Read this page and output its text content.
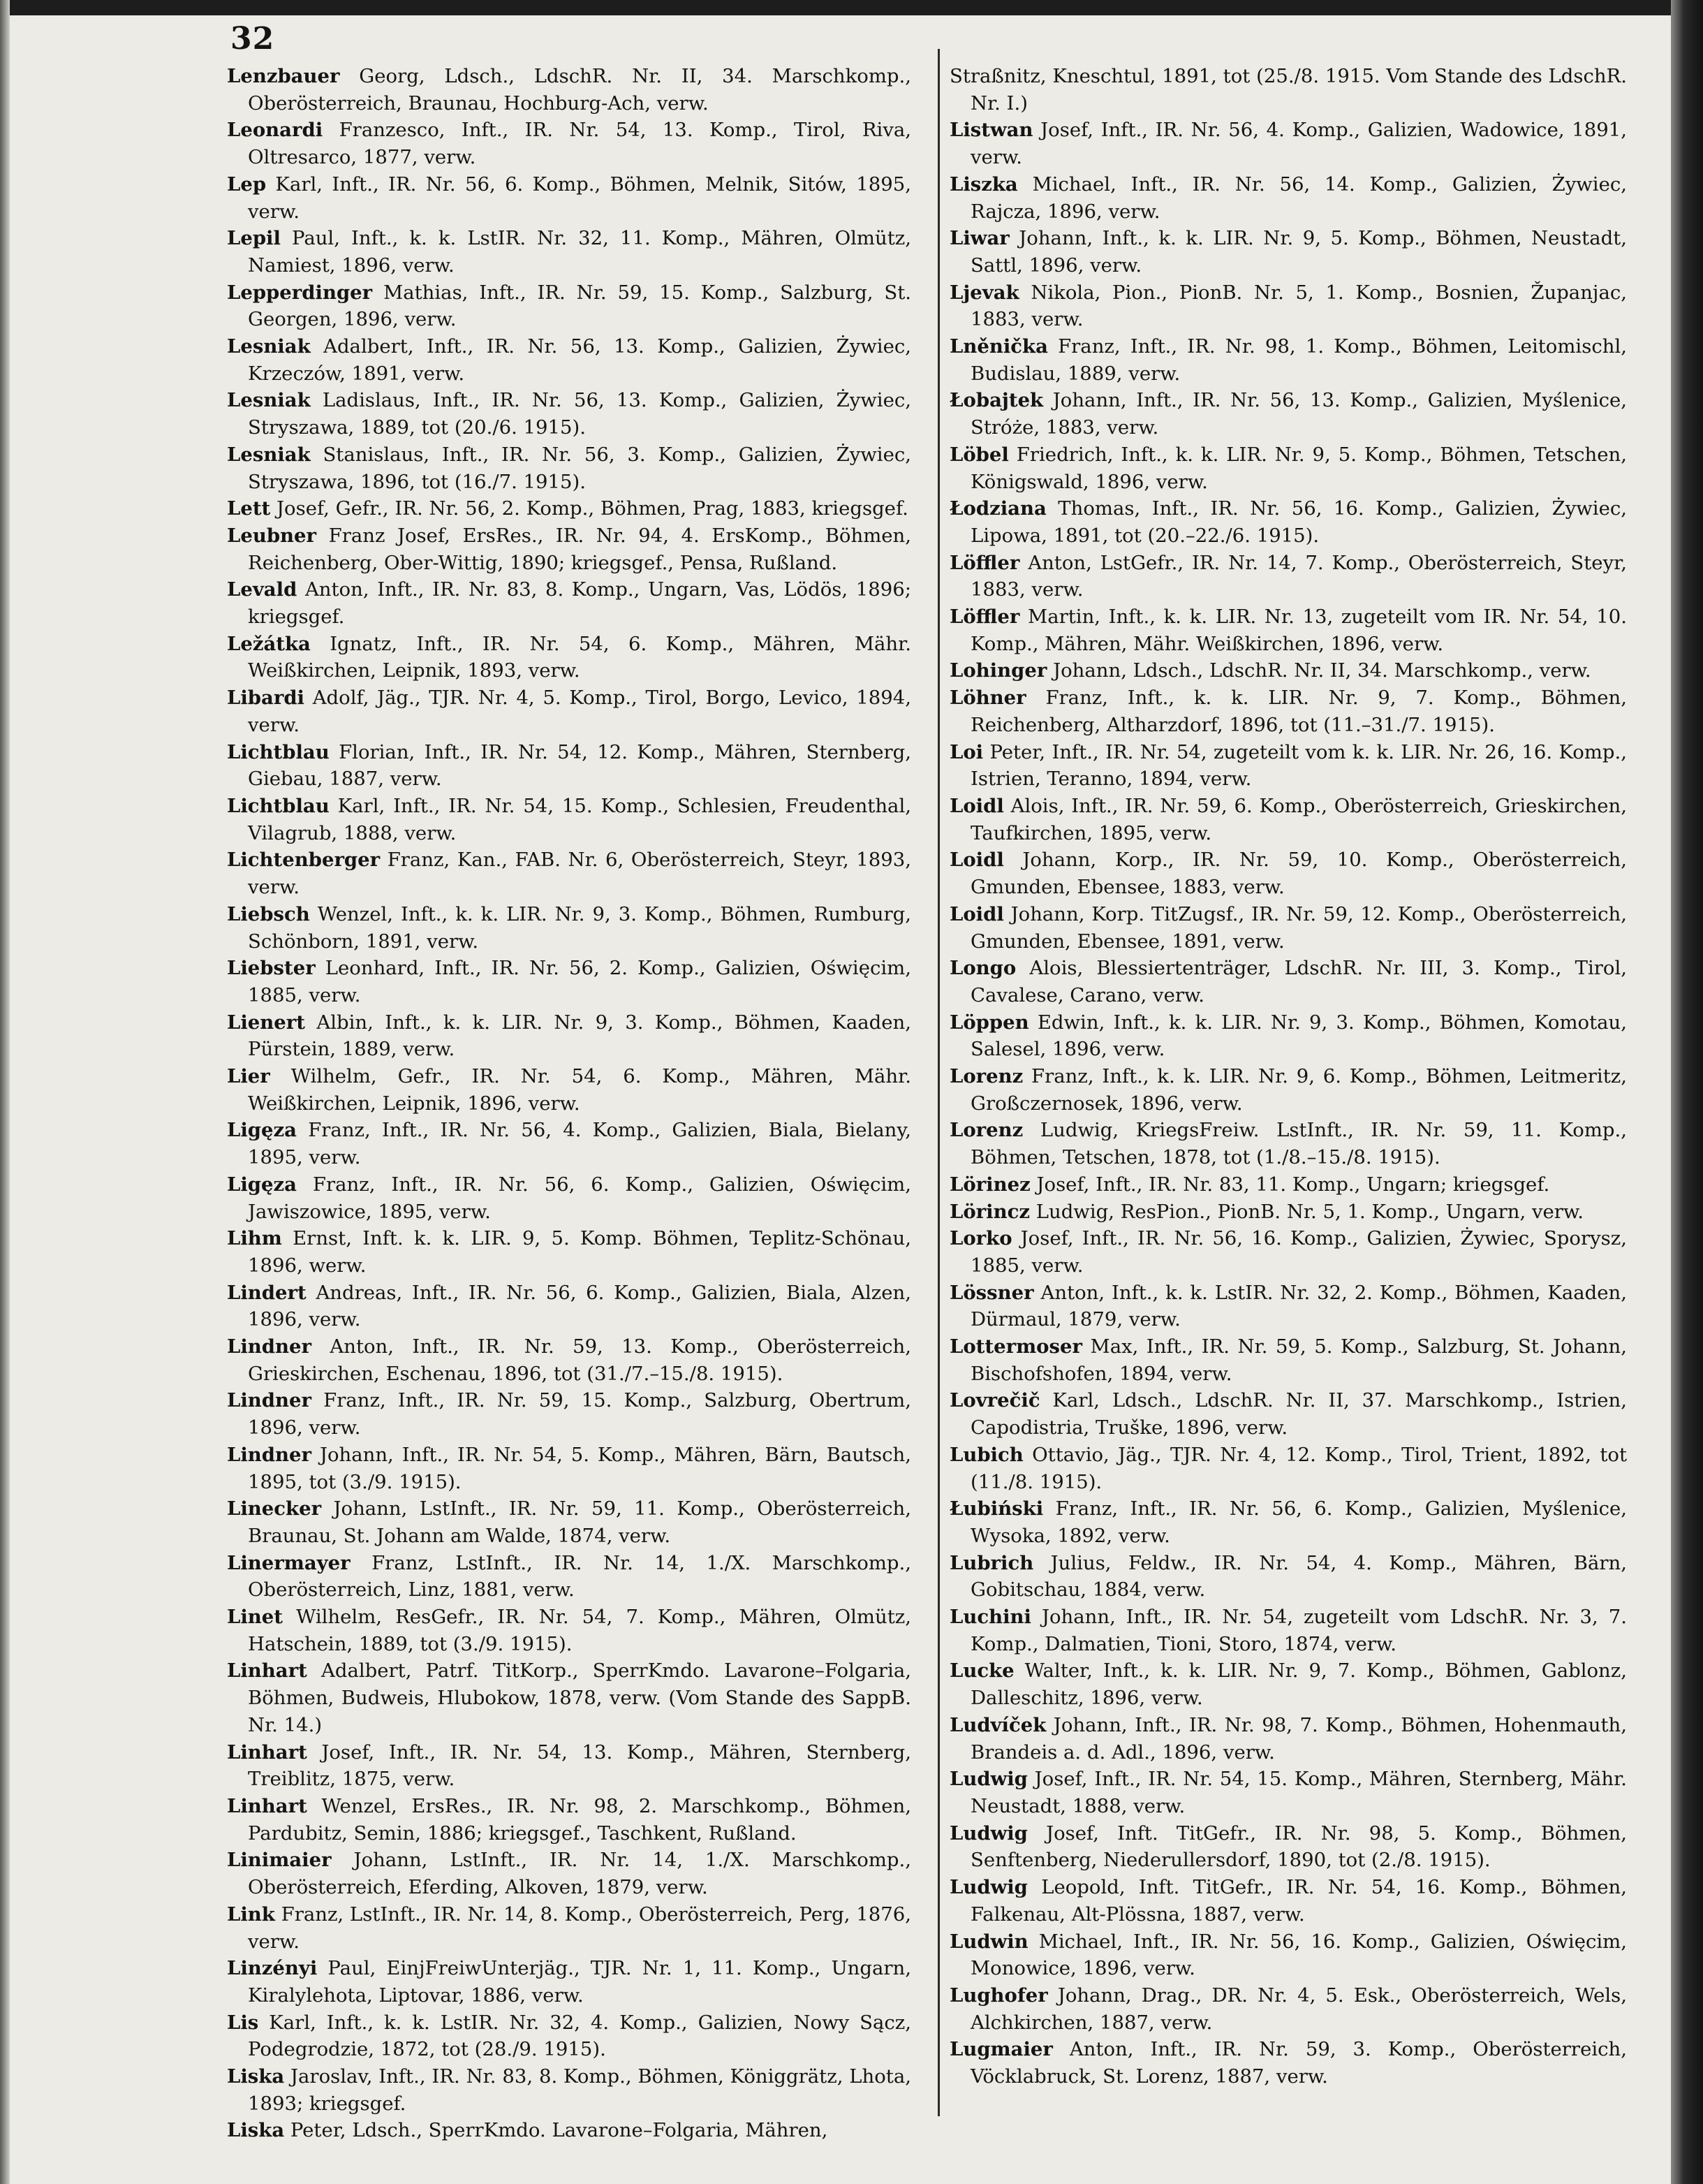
32
Lenzbauer Georg, Ldsch., LdschR. Nr. II, 34. Marschkomp., Oberösterreich, Braunau, Hochburg-Ach, verw.
Leonardi Franzesco, Inft., IR. Nr. 54, 13. Komp., Tirol, Riva, Oltresarco, 1877, verw.
Lep Karl, Inft., IR. Nr. 56, 6. Komp., Böhmen, Melnik, Sitów, 1895, verw.
Lepil Paul, Inft., k. k. LstIR. Nr. 32, 11. Komp., Mähren, Olmütz, Namiest, 1896, verw.
Lepperdinger Mathias, Inft., IR. Nr. 59, 15. Komp., Salzburg, St. Georgen, 1896, verw.
Lesniak Adalbert, Inft., IR. Nr. 56, 13. Komp., Galizien, Żywiec, Krzeczów, 1891, verw.
Lesniak Ladislaus, Inft., IR. Nr. 56, 13. Komp., Galizien, Żywiec, Stryszawa, 1889, tot (20./6. 1915).
Lesniak Stanislaus, Inft., IR. Nr. 56, 3. Komp., Galizien, Żywiec, Stryszawa, 1896, tot (16./7. 1915).
Lett Josef, Gefr., IR. Nr. 56, 2. Komp., Böhmen, Prag, 1883, kriegsgef.
Leubner Franz Josef, ErsRes., IR. Nr. 94, 4. ErsKomp., Böhmen, Reichenberg, Ober-Wittig, 1890; kriegsgef., Pensa, Rußland.
Levald Anton, Inft., IR. Nr. 83, 8. Komp., Ungarn, Vas, Lödös, 1896; kriegsgef.
Ležátka Ignatz, Inft., IR. Nr. 54, 6. Komp., Mähren, Mähr. Weißkirchen, Leipnik, 1893, verw.
Libardi Adolf, Jäg., TJR. Nr. 4, 5. Komp., Tirol, Borgo, Levico, 1894, verw.
Lichtblau Florian, Inft., IR. Nr. 54, 12. Komp., Mähren, Sternberg, Giebau, 1887, verw.
Lichtblau Karl, Inft., IR. Nr. 54, 15. Komp., Schlesien, Freudenthal, Vilagrub, 1888, verw.
Lichtenberger Franz, Kan., FAB. Nr. 6, Oberösterreich, Steyr, 1893, verw.
Liebsch Wenzel, Inft., k. k. LIR. Nr. 9, 3. Komp., Böhmen, Rumburg, Schönborn, 1891, verw.
Liebster Leonhard, Inft., IR. Nr. 56, 2. Komp., Galizien, Oświęcim, 1885, verw.
Lienert Albin, Inft., k. k. LIR. Nr. 9, 3. Komp., Böhmen, Kaaden, Pürstein, 1889, verw.
Lier Wilhelm, Gefr., IR. Nr. 54, 6. Komp., Mähren, Mähr. Weißkirchen, Leipnik, 1896, verw.
Ligęza Franz, Inft., IR. Nr. 56, 4. Komp., Galizien, Biala, Bielany, 1895, verw.
Ligęza Franz, Inft., IR. Nr. 56, 6. Komp., Galizien, Oświęcim, Jawiszowice, 1895, verw.
Lihm Ernst, Inft. k. k. LIR. 9, 5. Komp. Böhmen, Teplitz-Schönau, 1896, werw.
Lindert Andreas, Inft., IR. Nr. 56, 6. Komp., Galizien, Biala, Alzen, 1896, verw.
Lindner Anton, Inft., IR. Nr. 59, 13. Komp., Oberösterreich, Grieskirchen, Eschenau, 1896, tot (31./7.–15./8. 1915).
Lindner Franz, Inft., IR. Nr. 59, 15. Komp., Salzburg, Obertrum, 1896, verw.
Lindner Johann, Inft., IR. Nr. 54, 5. Komp., Mähren, Bärn, Bautsch, 1895, tot (3./9. 1915).
Linecker Johann, LstInft., IR. Nr. 59, 11. Komp., Oberösterreich, Braunau, St. Johann am Walde, 1874, verw.
Linermayer Franz, LstInft., IR. Nr. 14, 1./X. Marschkomp., Oberösterreich, Linz, 1881, verw.
Linet Wilhelm, ResGefr., IR. Nr. 54, 7. Komp., Mähren, Olmütz, Hatschein, 1889, tot (3./9. 1915).
Linhart Adalbert, Patrf. TitKorp., SperrKmdo. Lavarone–Folgaria, Böhmen, Budweis, Hlubokow, 1878, verw. (Vom Stande des SappB. Nr. 14.)
Linhart Josef, Inft., IR. Nr. 54, 13. Komp., Mähren, Sternberg, Treiblitz, 1875, verw.
Linhart Wenzel, ErsRes., IR. Nr. 98, 2. Marschkomp., Böhmen, Pardubitz, Semin, 1886; kriegsgef., Taschkent, Rußland.
Linimaier Johann, LstInft., IR. Nr. 14, 1./X. Marschkomp., Oberösterreich, Eferding, Alkoven, 1879, verw.
Link Franz, LstInft., IR. Nr. 14, 8. Komp., Oberösterreich, Perg, 1876, verw.
Linzényi Paul, EinjFreiwUnterjäg., TJR. Nr. 1, 11. Komp., Ungarn, Kiralylehota, Liptovar, 1886, verw.
Lis Karl, Inft., k. k. LstIR. Nr. 32, 4. Komp., Galizien, Nowy Sącz, Podegrodzie, 1872, tot (28./9. 1915).
Liska Jaroslav, Inft., IR. Nr. 83, 8. Komp., Böhmen, Königgrätz, Lhota, 1893; kriegsgef.
Liska Peter, Ldsch., SperrKmdo. Lavarone–Folgaria, Mähren,
Straßnitz, Kneschtul, 1891, tot (25./8. 1915. Vom Stande des LdschR. Nr. I.)
Listwan Josef, Inft., IR. Nr. 56, 4. Komp., Galizien, Wadowice, 1891, verw.
Liszka Michael, Inft., IR. Nr. 56, 14. Komp., Galizien, Żywiec, Rajcza, 1896, verw.
Liwar Johann, Inft., k. k. LIR. Nr. 9, 5. Komp., Böhmen, Neustadt, Sattl, 1896, verw.
Ljevak Nikola, Pion., PionB. Nr. 5, 1. Komp., Bosnien, Županjac, 1883, verw.
Lněnička Franz, Inft., IR. Nr. 98, 1. Komp., Böhmen, Leitomischl, Budislau, 1889, verw.
Łobajtek Johann, Inft., IR. Nr. 56, 13. Komp., Galizien, Myślenice, Stróże, 1883, verw.
Löbel Friedrich, Inft., k. k. LIR. Nr. 9, 5. Komp., Böhmen, Tetschen, Königswald, 1896, verw.
Łodziana Thomas, Inft., IR. Nr. 56, 16. Komp., Galizien, Żywiec, Lipowa, 1891, tot (20.–22./6. 1915).
Löffler Anton, LstGefr., IR. Nr. 14, 7. Komp., Oberösterreich, Steyr, 1883, verw.
Löffler Martin, Inft., k. k. LIR. Nr. 13, zugeteilt vom IR. Nr. 54, 10. Komp., Mähren, Mähr. Weißkirchen, 1896, verw.
Lohinger Johann, Ldsch., LdschR. Nr. II, 34. Marschkomp., verw.
Löhner Franz, Inft., k. k. LIR. Nr. 9, 7. Komp., Böhmen, Reichenberg, Altharzdorf, 1896, tot (11.–31./7. 1915).
Loi Peter, Inft., IR. Nr. 54, zugeteilt vom k. k. LIR. Nr. 26, 16. Komp., Istrien, Teranno, 1894, verw.
Loidl Alois, Inft., IR. Nr. 59, 6. Komp., Oberösterreich, Grieskirchen, Taufkirchen, 1895, verw.
Loidl Johann, Korp., IR. Nr. 59, 10. Komp., Oberösterreich, Gmunden, Ebensee, 1883, verw.
Loidl Johann, Korp. TitZugsf., IR. Nr. 59, 12. Komp., Oberösterreich, Gmunden, Ebensee, 1891, verw.
Longo Alois, Blessiertenträger, LdschR. Nr. III, 3. Komp., Tirol, Cavalese, Carano, verw.
Löppen Edwin, Inft., k. k. LIR. Nr. 9, 3. Komp., Böhmen, Komotau, Salesel, 1896, verw.
Lorenz Franz, Inft., k. k. LIR. Nr. 9, 6. Komp., Böhmen, Leitmeritz, Großczernosek, 1896, verw.
Lorenz Ludwig, KriegsFreiw. LstInft., IR. Nr. 59, 11. Komp., Böhmen, Tetschen, 1878, tot (1./8.–15./8. 1915).
Lörinez Josef, Inft., IR. Nr. 83, 11. Komp., Ungarn; kriegsgef.
Lörincz Ludwig, ResPion., PionB. Nr. 5, 1. Komp., Ungarn, verw.
Lorko Josef, Inft., IR. Nr. 56, 16. Komp., Galizien, Żywiec, Sporysz, 1885, verw.
Lössner Anton, Inft., k. k. LstIR. Nr. 32, 2. Komp., Böhmen, Kaaden, Dürmaul, 1879, verw.
Lottermoser Max, Inft., IR. Nr. 59, 5. Komp., Salzburg, St. Johann, Bischofshofen, 1894, verw.
Lovrečič Karl, Ldsch., LdschR. Nr. II, 37. Marschkomp., Istrien, Capodistria, Truške, 1896, verw.
Lubich Ottavio, Jäg., TJR. Nr. 4, 12. Komp., Tirol, Trient, 1892, tot (11./8. 1915).
Łubiński Franz, Inft., IR. Nr. 56, 6. Komp., Galizien, Myślenice, Wysoka, 1892, verw.
Lubrich Julius, Feldw., IR. Nr. 54, 4. Komp., Mähren, Bärn, Gobitschau, 1884, verw.
Luchini Johann, Inft., IR. Nr. 54, zugeteilt vom LdschR. Nr. 3, 7. Komp., Dalmatien, Tioni, Storo, 1874, verw.
Lucke Walter, Inft., k. k. LIR. Nr. 9, 7. Komp., Böhmen, Gablonz, Dalleschitz, 1896, verw.
Ludvíček Johann, Inft., IR. Nr. 98, 7. Komp., Böhmen, Hohenmauth, Brandeis a. d. Adl., 1896, verw.
Ludwig Josef, Inft., IR. Nr. 54, 15. Komp., Mähren, Sternberg, Mähr. Neustadt, 1888, verw.
Ludwig Josef, Inft. TitGefr., IR. Nr. 98, 5. Komp., Böhmen, Senftenberg, Niederullersdorf, 1890, tot (2./8. 1915).
Ludwig Leopold, Inft. TitGefr., IR. Nr. 54, 16. Komp., Böhmen, Falkenau, Alt-Plössna, 1887, verw.
Ludwin Michael, Inft., IR. Nr. 56, 16. Komp., Galizien, Oświęcim, Monowice, 1896, verw.
Lughofer Johann, Drag., DR. Nr. 4, 5. Esk., Oberösterreich, Wels, Alchkirchen, 1887, verw.
Lugmaier Anton, Inft., IR. Nr. 59, 3. Komp., Oberösterreich, Vöcklabruck, St. Lorenz, 1887, verw.
